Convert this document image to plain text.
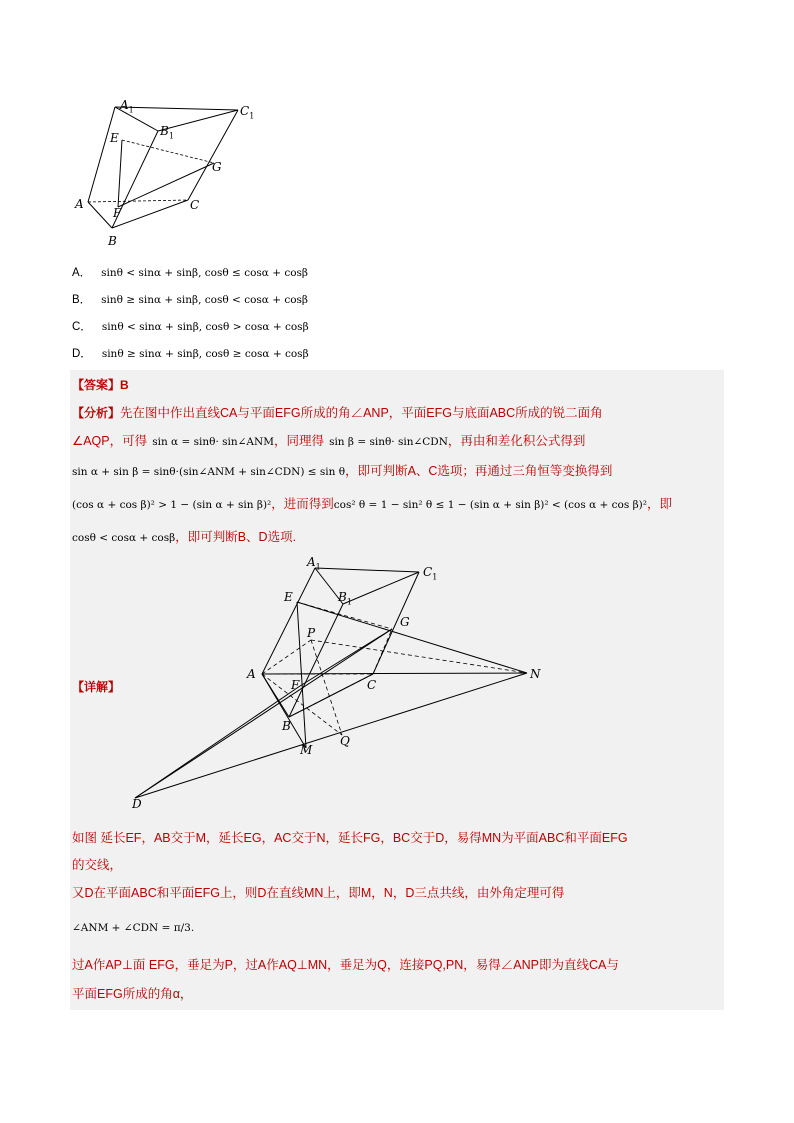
$A_1$	$C_1$
$B_1$
E
G
A
F
C
B
A． sinθ < sinα + sinβ, cosθ ≤ cosα + cosβ
B． sinθ ≥ sinα + sinβ, cosθ < cosα + cosβ
C． sinθ < sinα + sinβ, cosθ > cosα + cosβ
D． sinθ ≥ sinα + sinβ, cosθ ≥ cosα + cosβ
【答案】B
【分析】先在图中作出直线CA与平面EFG所成的角∠ANP，平面EFG与底面ABC所成的锐二面角
∠AQP，可得 sin α = sinθ· sin∠ANM，同理得 sin β = sinθ· sin∠CDN，再由和差化积公式得到
sin α + sin β = sinθ·(sin∠ANM + sin∠CDN) ≤ sin θ，即可判断A、C选项；再通过三角恒等变换得到
(cos α + cos β)² > 1 − (sin α + sin β)²，进而得到cos² θ = 1 − sin² θ ≤ 1 − (sin α + sin β)² < (cos α + cos β)²，即
cosθ < cosα + cosβ，即可判断B、D选项.
【详解】
$A_1$	$C_1$
E	$B_1$
G
P
A
F	C
N
B
M
Q
D
如图 延长EF，AB交于M，延长EG，AC交于N，延长FG，BC交于D，易得MN为平面ABC和平面EFG
的交线，
又D在平面ABC和平面EFG上，则D在直线MN上，即M，N，D三点共线，由外角定理可得
∠ANM + ∠CDN = π/3.
过A作AP⊥面 EFG，垂足为P，过A作AQ⊥MN，垂足为Q，连接PQ,PN，易得∠ANP即为直线CA与
平面EFG所成的角α，
